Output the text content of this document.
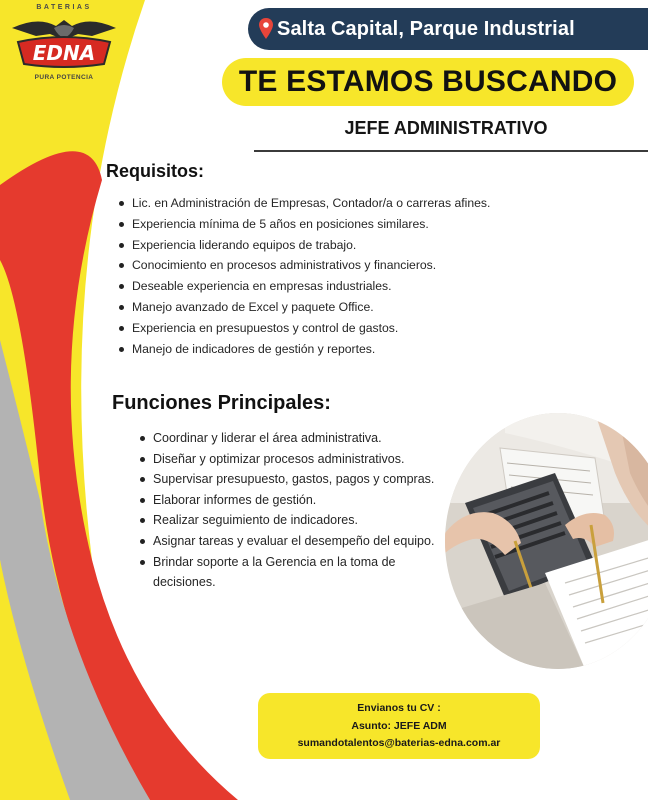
BATERIAS
EDNA
PURA POTENCIA
Salta Capital, Parque Industrial
TE ESTAMOS BUSCANDO
JEFE ADMINISTRATIVO
Requisitos:
Lic. en Administración de Empresas, Contador/a o carreras afines.
Experiencia mínima de 5 años en posiciones similares.
Experiencia liderando equipos de trabajo.
Conocimiento en procesos administrativos y financieros.
Deseable experiencia en empresas industriales.
Manejo avanzado de Excel y paquete Office.
Experiencia en presupuestos y control de gastos.
Manejo de indicadores de gestión y reportes.
Funciones Principales:
Coordinar y liderar el área administrativa.
Diseñar y optimizar procesos administrativos.
Supervisar presupuesto, gastos, pagos y compras.
Elaborar informes de gestión.
Realizar seguimiento de indicadores.
Asignar tareas y evaluar el desempeño del equipo.
Brindar soporte a la Gerencia en la toma de decisiones.
Envianos tu CV :
Asunto: JEFE ADM
sumandotalentos@baterias-edna.com.ar
